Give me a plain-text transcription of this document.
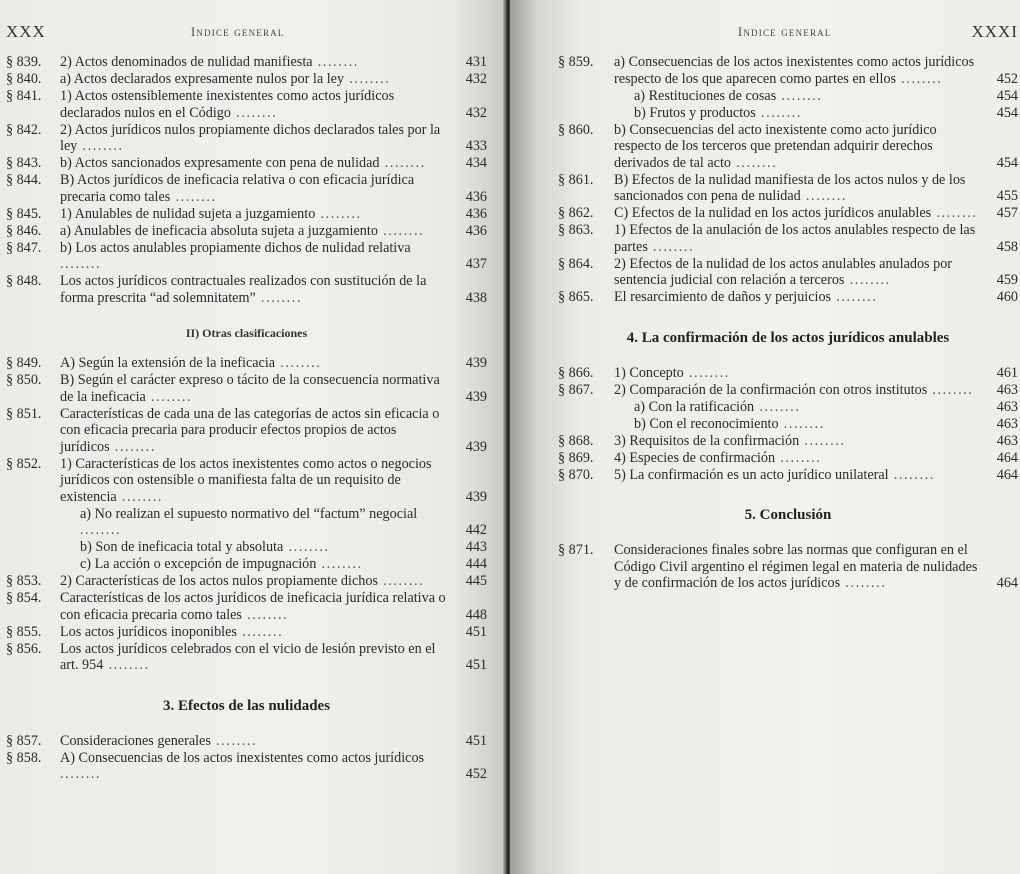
XXX	Indice general
§ 839.	2) Actos denominados de nulidad manifiesta ........	431
§ 840.	a) Actos declarados expresamente nulos por la ley ........	432
§ 841.	1) Actos ostensiblemente inexistentes como actos jurídicos declarados nulos en el Código ........	432
§ 842.	2) Actos jurídicos nulos propiamente dichos declarados tales por la ley ........	433
§ 843.	b) Actos sancionados expresamente con pena de nulidad ........	434
§ 844.	B) Actos jurídicos de ineficacia relativa o con eficacia jurídica precaria como tales ........	436
§ 845.	1) Anulables de nulidad sujeta a juzgamiento ........	436
§ 846.	a) Anulables de ineficacia absoluta sujeta a juzgamiento ........	436
§ 847.	b) Los actos anulables propiamente dichos de nulidad relativa ........	437
§ 848.	Los actos jurídicos contractuales realizados con sustitución de la forma prescrita “ad solemnitatem” ........	438
II) Otras clasificaciones
§ 849.	A) Según la extensión de la ineficacia ........	439
§ 850.	B) Según el carácter expreso o tácito de la consecuencia normativa de la ineficacia ........	439
§ 851.	Características de cada una de las categorías de actos sin eficacia o con eficacia precaria para producir efectos propios de actos jurídicos ........	439
§ 852.	1) Características de los actos inexistentes como actos o negocios jurídicos con ostensible o manifiesta falta de un requisito de existencia ........	439
a) No realizan el supuesto normativo del “factum” negocial ........	442
b) Son de ineficacia total y absoluta ........	443
c) La acción o excepción de impugnación ........	444
§ 853.	2) Características de los actos nulos propiamente dichos ........	445
§ 854.	Características de los actos jurídicos de ineficacia jurídica relativa o con eficacia precaria como tales ........	448
§ 855.	Los actos jurídicos inoponibles ........	451
§ 856.	Los actos jurídicos celebrados con el vicio de lesión previsto en el art. 954 ........	451
3. Efectos de las nulidades
§ 857.	Consideraciones generales ........	451
§ 858.	A) Consecuencias de los actos inexistentes como actos jurídicos ........	452
Indice general	XXXI
§ 859.	a) Consecuencias de los actos inexistentes como actos jurídicos respecto de los que aparecen como partes en ellos ........	452
a) Restituciones de cosas ........	454
b) Frutos y productos ........	454
§ 860.	b) Consecuencias del acto inexistente como acto jurídico respecto de los terceros que pretendan adquirir derechos derivados de tal acto ........	454
§ 861.	B) Efectos de la nulidad manifiesta de los actos nulos y de los sancionados con pena de nulidad ........	455
§ 862.	C) Efectos de la nulidad en los actos jurídicos anulables ........	457
§ 863.	1) Efectos de la anulación de los actos anulables respecto de las partes ........	458
§ 864.	2) Efectos de la nulidad de los actos anulables anulados por sentencia judicial con relación a terceros ........	459
§ 865.	El resarcimiento de daños y perjuicios ........	460
4. La confirmación de los actos jurídicos anulables
§ 866.	1) Concepto ........	461
§ 867.	2) Comparación de la confirmación con otros institutos ........	463
a) Con la ratificación ........	463
b) Con el reconocimiento ........	463
§ 868.	3) Requisitos de la confirmación ........	463
§ 869.	4) Especies de confirmación ........	464
§ 870.	5) La confirmación es un acto jurídico unilateral ........	464
5. Conclusión
§ 871.	Consideraciones finales sobre las normas que configuran en el Código Civil argentino el régimen legal en materia de nulidades y de confirmación de los actos jurídicos ........	464
